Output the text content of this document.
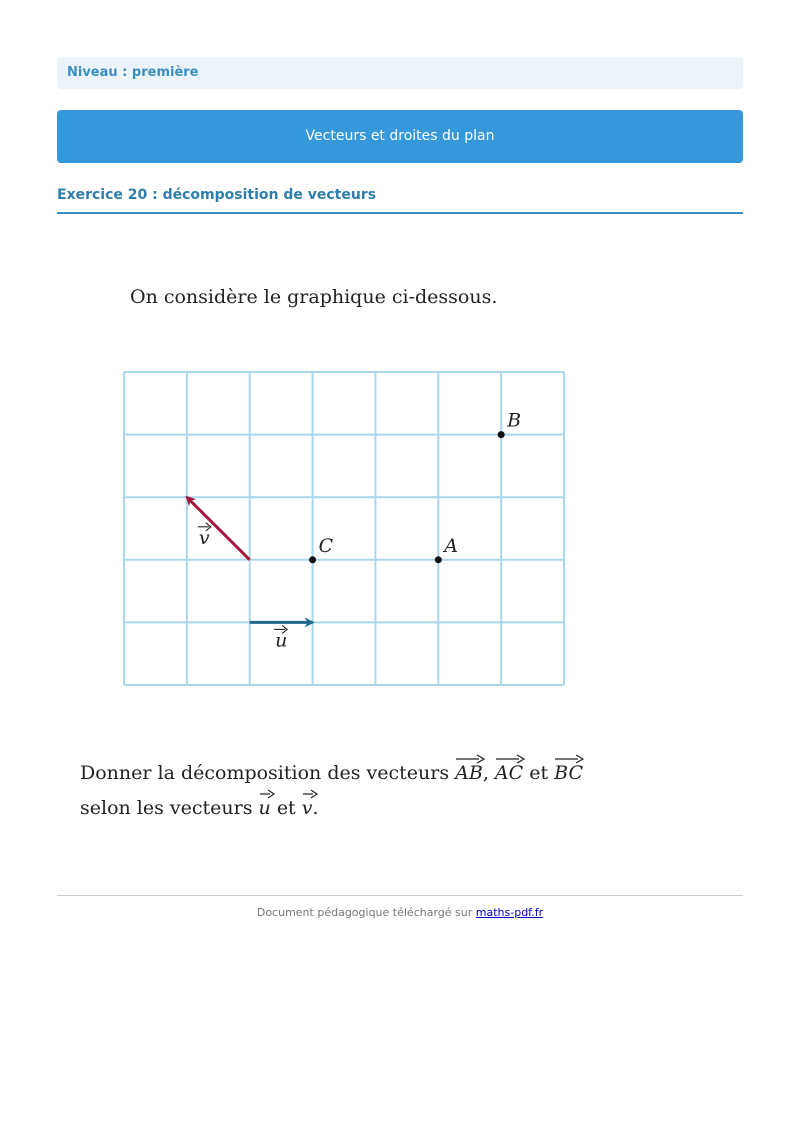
Niveau : première
Vecteurs et droites du plan
Exercice 20 : décomposition de vecteurs
On considère le graphique ci-dessous.
v
u
B
C	A
Donner la décomposition des vecteurs AB, AC et BC
selon les vecteurs u et v.
Document pédagogique téléchargé sur maths-pdf.fr
